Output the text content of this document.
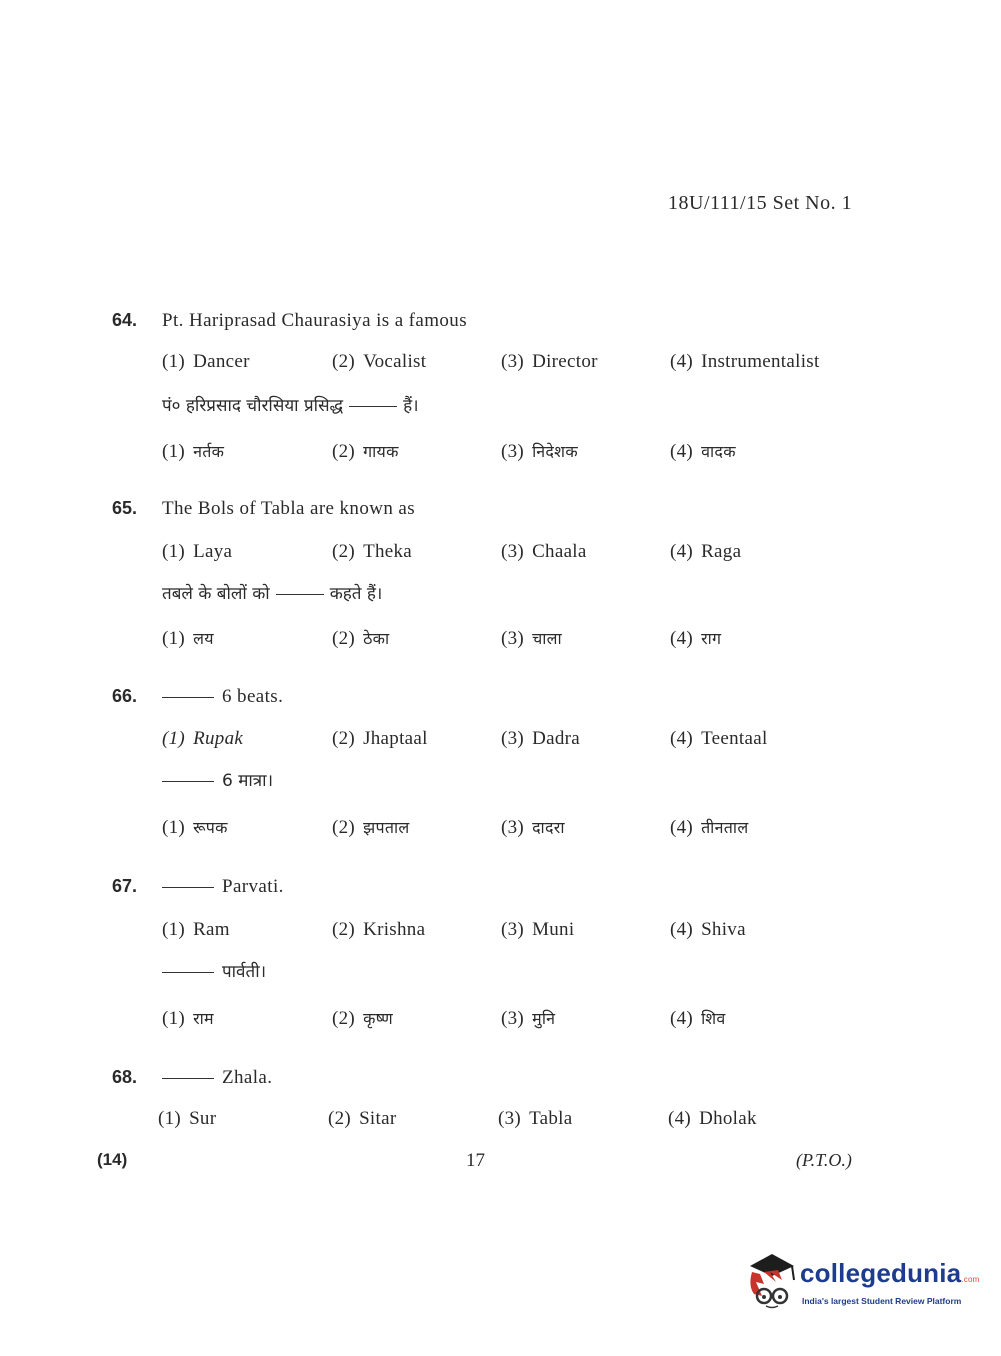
18U/111/15 Set No. 1
64. Pt. Hariprasad Chaurasiya is a famous
(1) Dancer	(2) Vocalist	(3) Director	(4) Instrumentalist
पं० हरिप्रसाद चौरसिया प्रसिद्ध	हैं।
(1) नर्तक	(2) गायक	(3) निदेशक	(4) वादक
65. The Bols of Tabla are known as
(1) Laya	(2) Theka	(3) Chaala	(4) Raga
तबले के बोलों को	कहते हैं।
(1) लय	(2) ठेका	(3) चाला	(4) राग
66.	6 beats.
(1) Rupak	(2) Jhaptaal	(3) Dadra	(4) Teentaal
6 मात्रा।
(1) रूपक	(2) झपताल	(3) दादरा	(4) तीनताल
67.	Parvati.
(1) Ram	(2) Krishna	(3) Muni	(4) Shiva
पार्वती।
(1) राम	(2) कृष्ण	(3) मुनि	(4) शिव
68.	Zhala.
(1) Sur	(2) Sitar	(3) Tabla	(4) Dholak
(14)	17	(P.T.O.)
collegedunia.com
India's largest Student Review Platform
